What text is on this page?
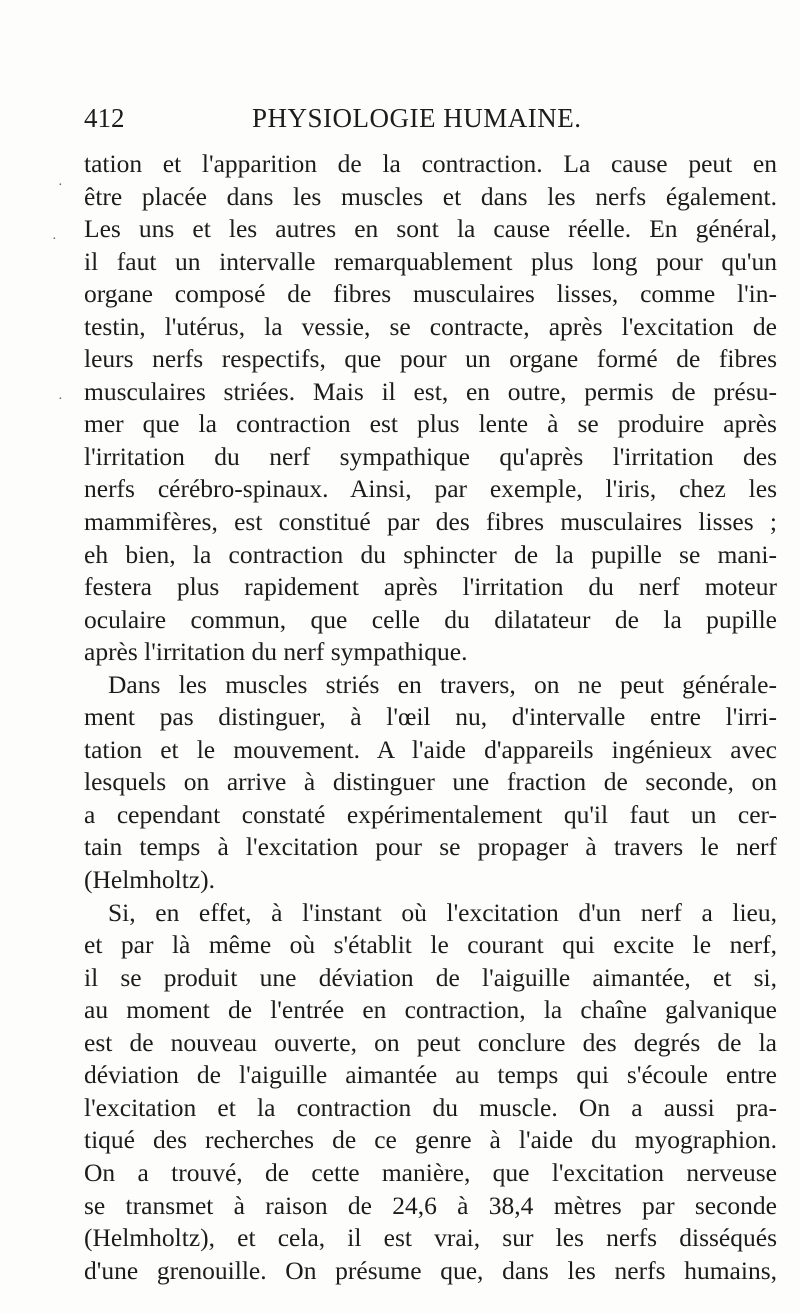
412	PHYSIOLOGIE HUMAINE.
·
·
·
tation et l'apparition de la contraction. La cause peut en
être placée dans les muscles et dans les nerfs également.
Les uns et les autres en sont la cause réelle. En général,
il faut un intervalle remarquablement plus long pour qu'un
organe composé de fibres musculaires lisses, comme l'in-
testin, l'utérus, la vessie, se contracte, après l'excitation de
leurs nerfs respectifs, que pour un organe formé de fibres
musculaires striées. Mais il est, en outre, permis de présu-
mer que la contraction est plus lente à se produire après
l'irritation du nerf sympathique qu'après l'irritation des
nerfs cérébro-spinaux. Ainsi, par exemple, l'iris, chez les
mammifères, est constitué par des fibres musculaires lisses ;
eh bien, la contraction du sphincter de la pupille se mani-
festera plus rapidement après l'irritation du nerf moteur
oculaire commun, que celle du dilatateur de la pupille
après l'irritation du nerf sympathique.
Dans les muscles striés en travers, on ne peut générale-
ment pas distinguer, à l'œil nu, d'intervalle entre l'irri-
tation et le mouvement. A l'aide d'appareils ingénieux avec
lesquels on arrive à distinguer une fraction de seconde, on
a cependant constaté expérimentalement qu'il faut un cer-
tain temps à l'excitation pour se propager à travers le nerf
(Helmholtz).
Si, en effet, à l'instant où l'excitation d'un nerf a lieu,
et par là même où s'établit le courant qui excite le nerf,
il se produit une déviation de l'aiguille aimantée, et si,
au moment de l'entrée en contraction, la chaîne galvanique
est de nouveau ouverte, on peut conclure des degrés de la
déviation de l'aiguille aimantée au temps qui s'écoule entre
l'excitation et la contraction du muscle. On a aussi pra-
tiqué des recherches de ce genre à l'aide du myographion.
On a trouvé, de cette manière, que l'excitation nerveuse
se transmet à raison de 24,6 à 38,4 mètres par seconde
(Helmholtz), et cela, il est vrai, sur les nerfs disséqués
d'une grenouille. On présume que, dans les nerfs humains,
